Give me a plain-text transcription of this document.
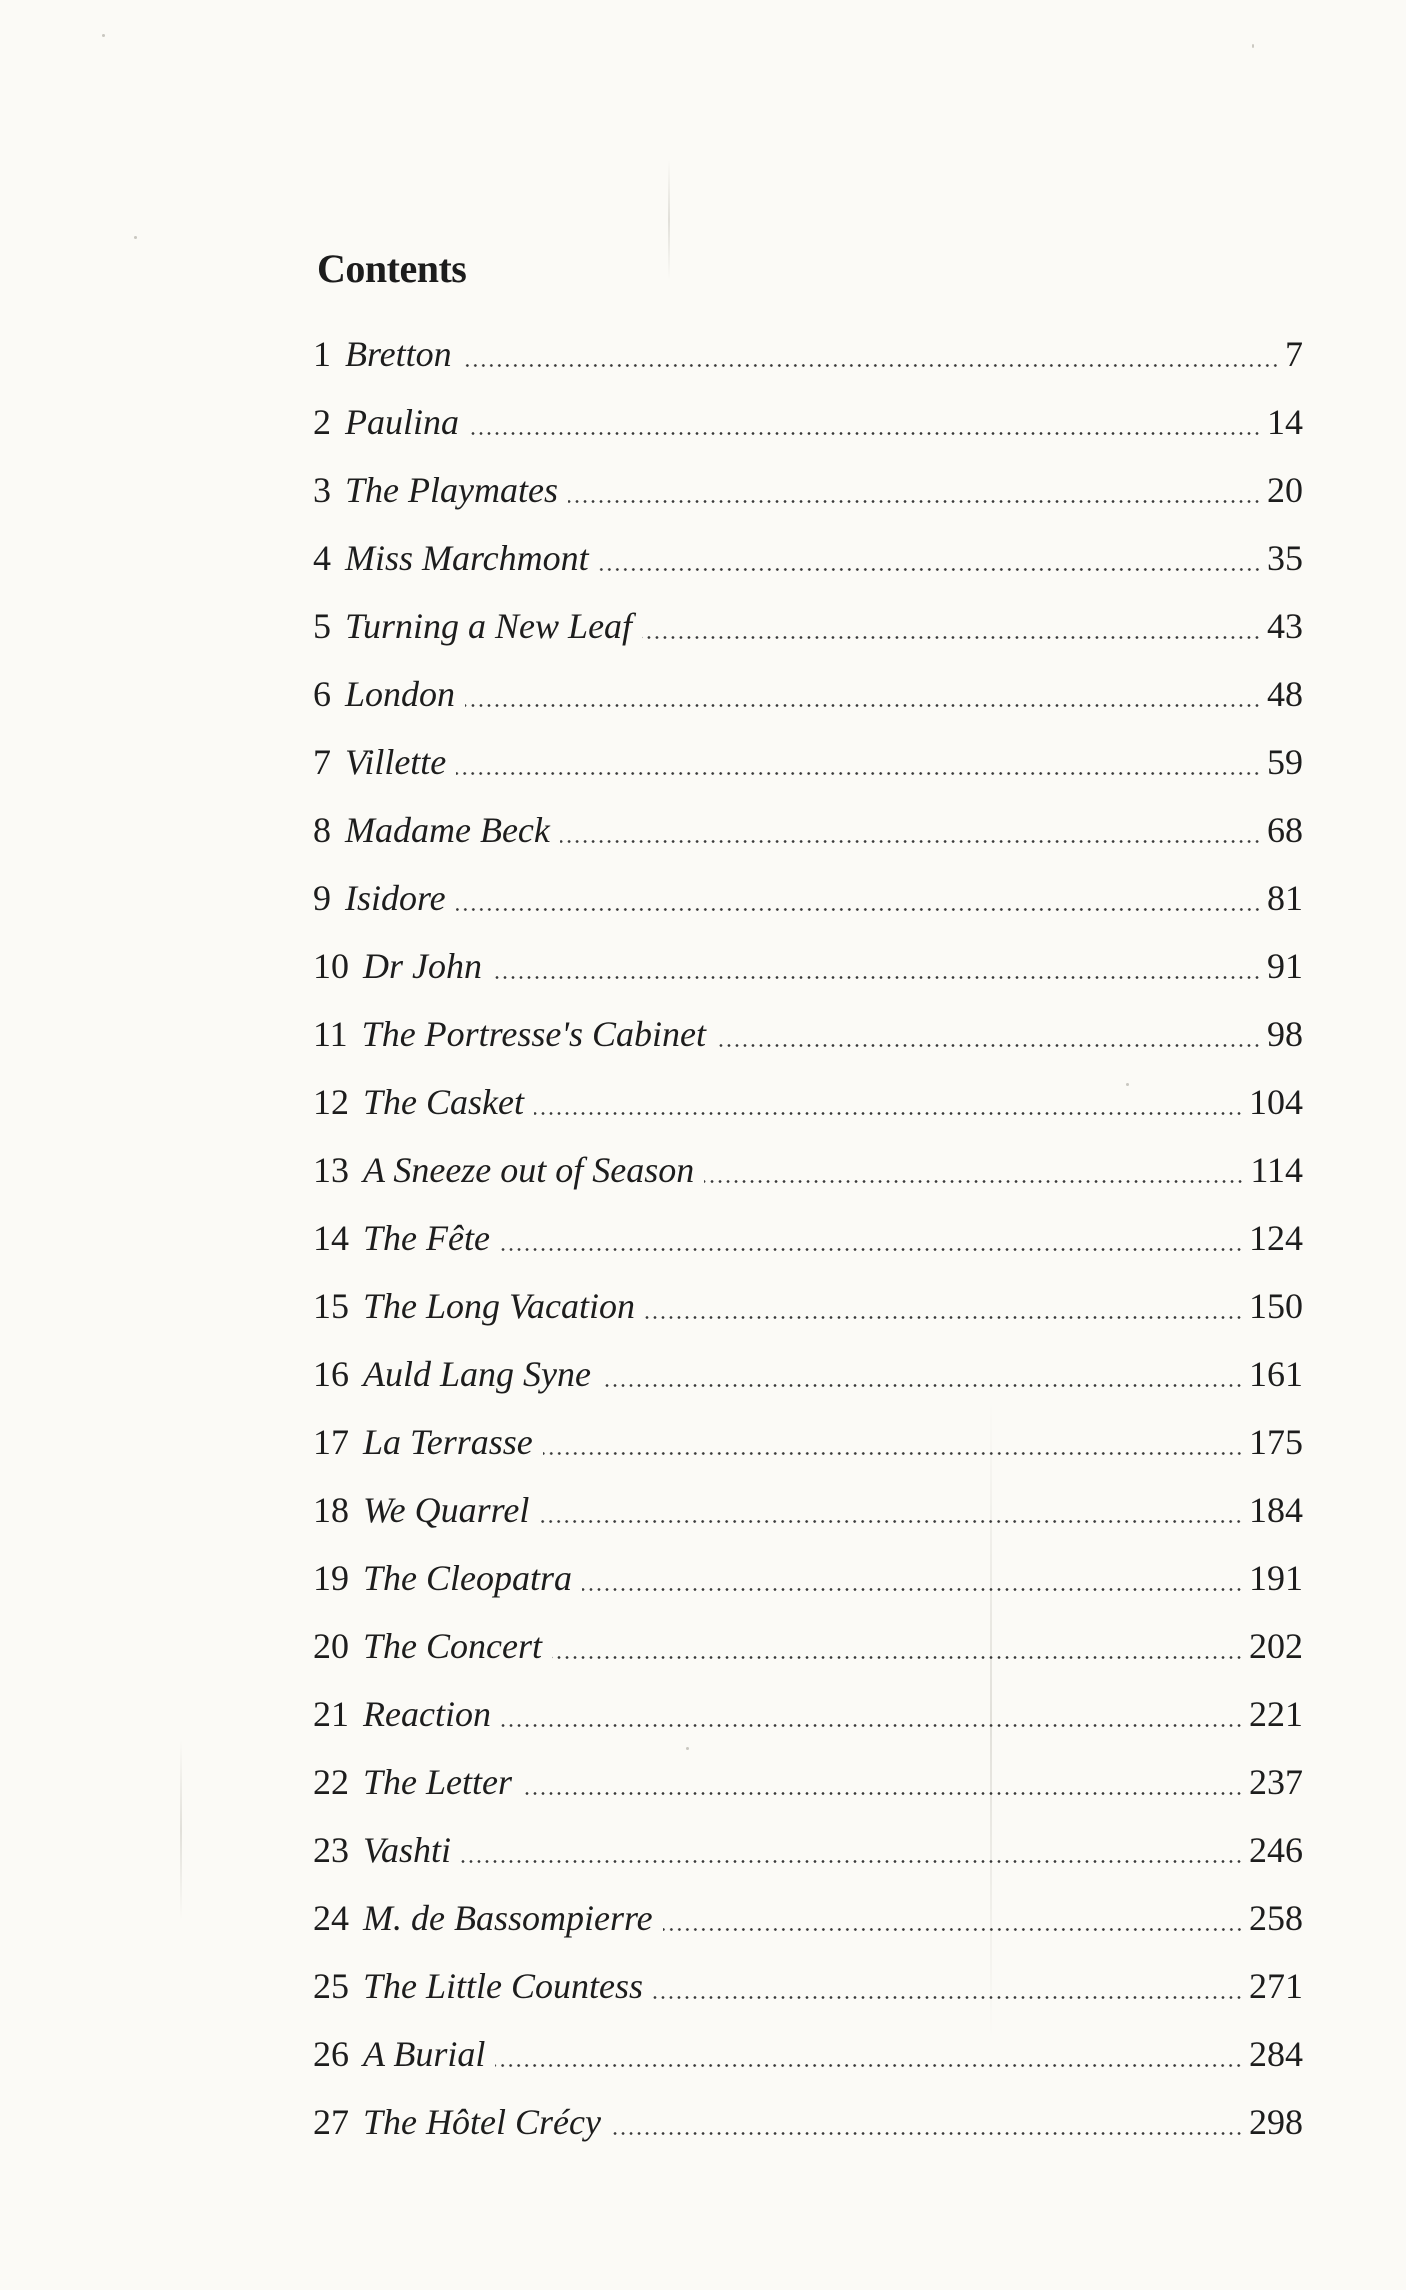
Contents
1 Bretton	7
2 Paulina	14
3 The Playmates	20
4 Miss Marchmont	35
5 Turning a New Leaf	43
6 London	48
7 Villette	59
8 Madame Beck	68
9 Isidore	81
10 Dr John	91
11 The Portresse's Cabinet	98
12 The Casket	104
13 A Sneeze out of Season	114
14 The Fête	124
15 The Long Vacation	150
16 Auld Lang Syne	161
17 La Terrasse	175
18 We Quarrel	184
19 The Cleopatra	191
20 The Concert	202
21 Reaction	221
22 The Letter	237
23 Vashti	246
24 M. de Bassompierre	258
25 The Little Countess	271
26 A Burial	284
27 The Hôtel Crécy	298
